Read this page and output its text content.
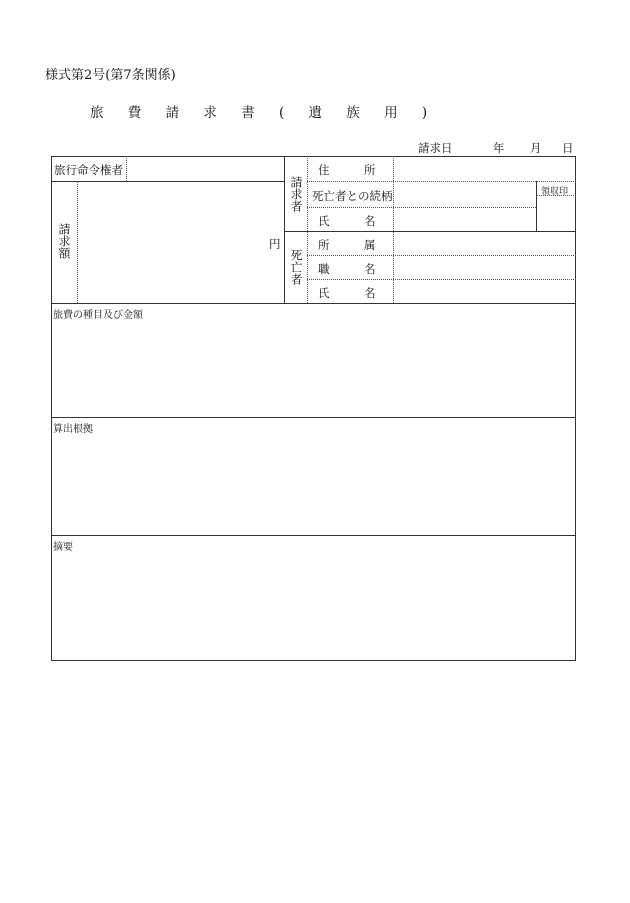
様式第2号(第7条関係)
旅 費 請 求 書 ( 遺 族 用 )
請求日	年 月 日
旅行命令権者
請求額	円
領収印
請求者
死亡者
住　　　所
死亡者との続柄
氏　　　名
所　　　属
職　　　名
氏　　　名
旅費の種目及び金額
算出根拠
摘要
